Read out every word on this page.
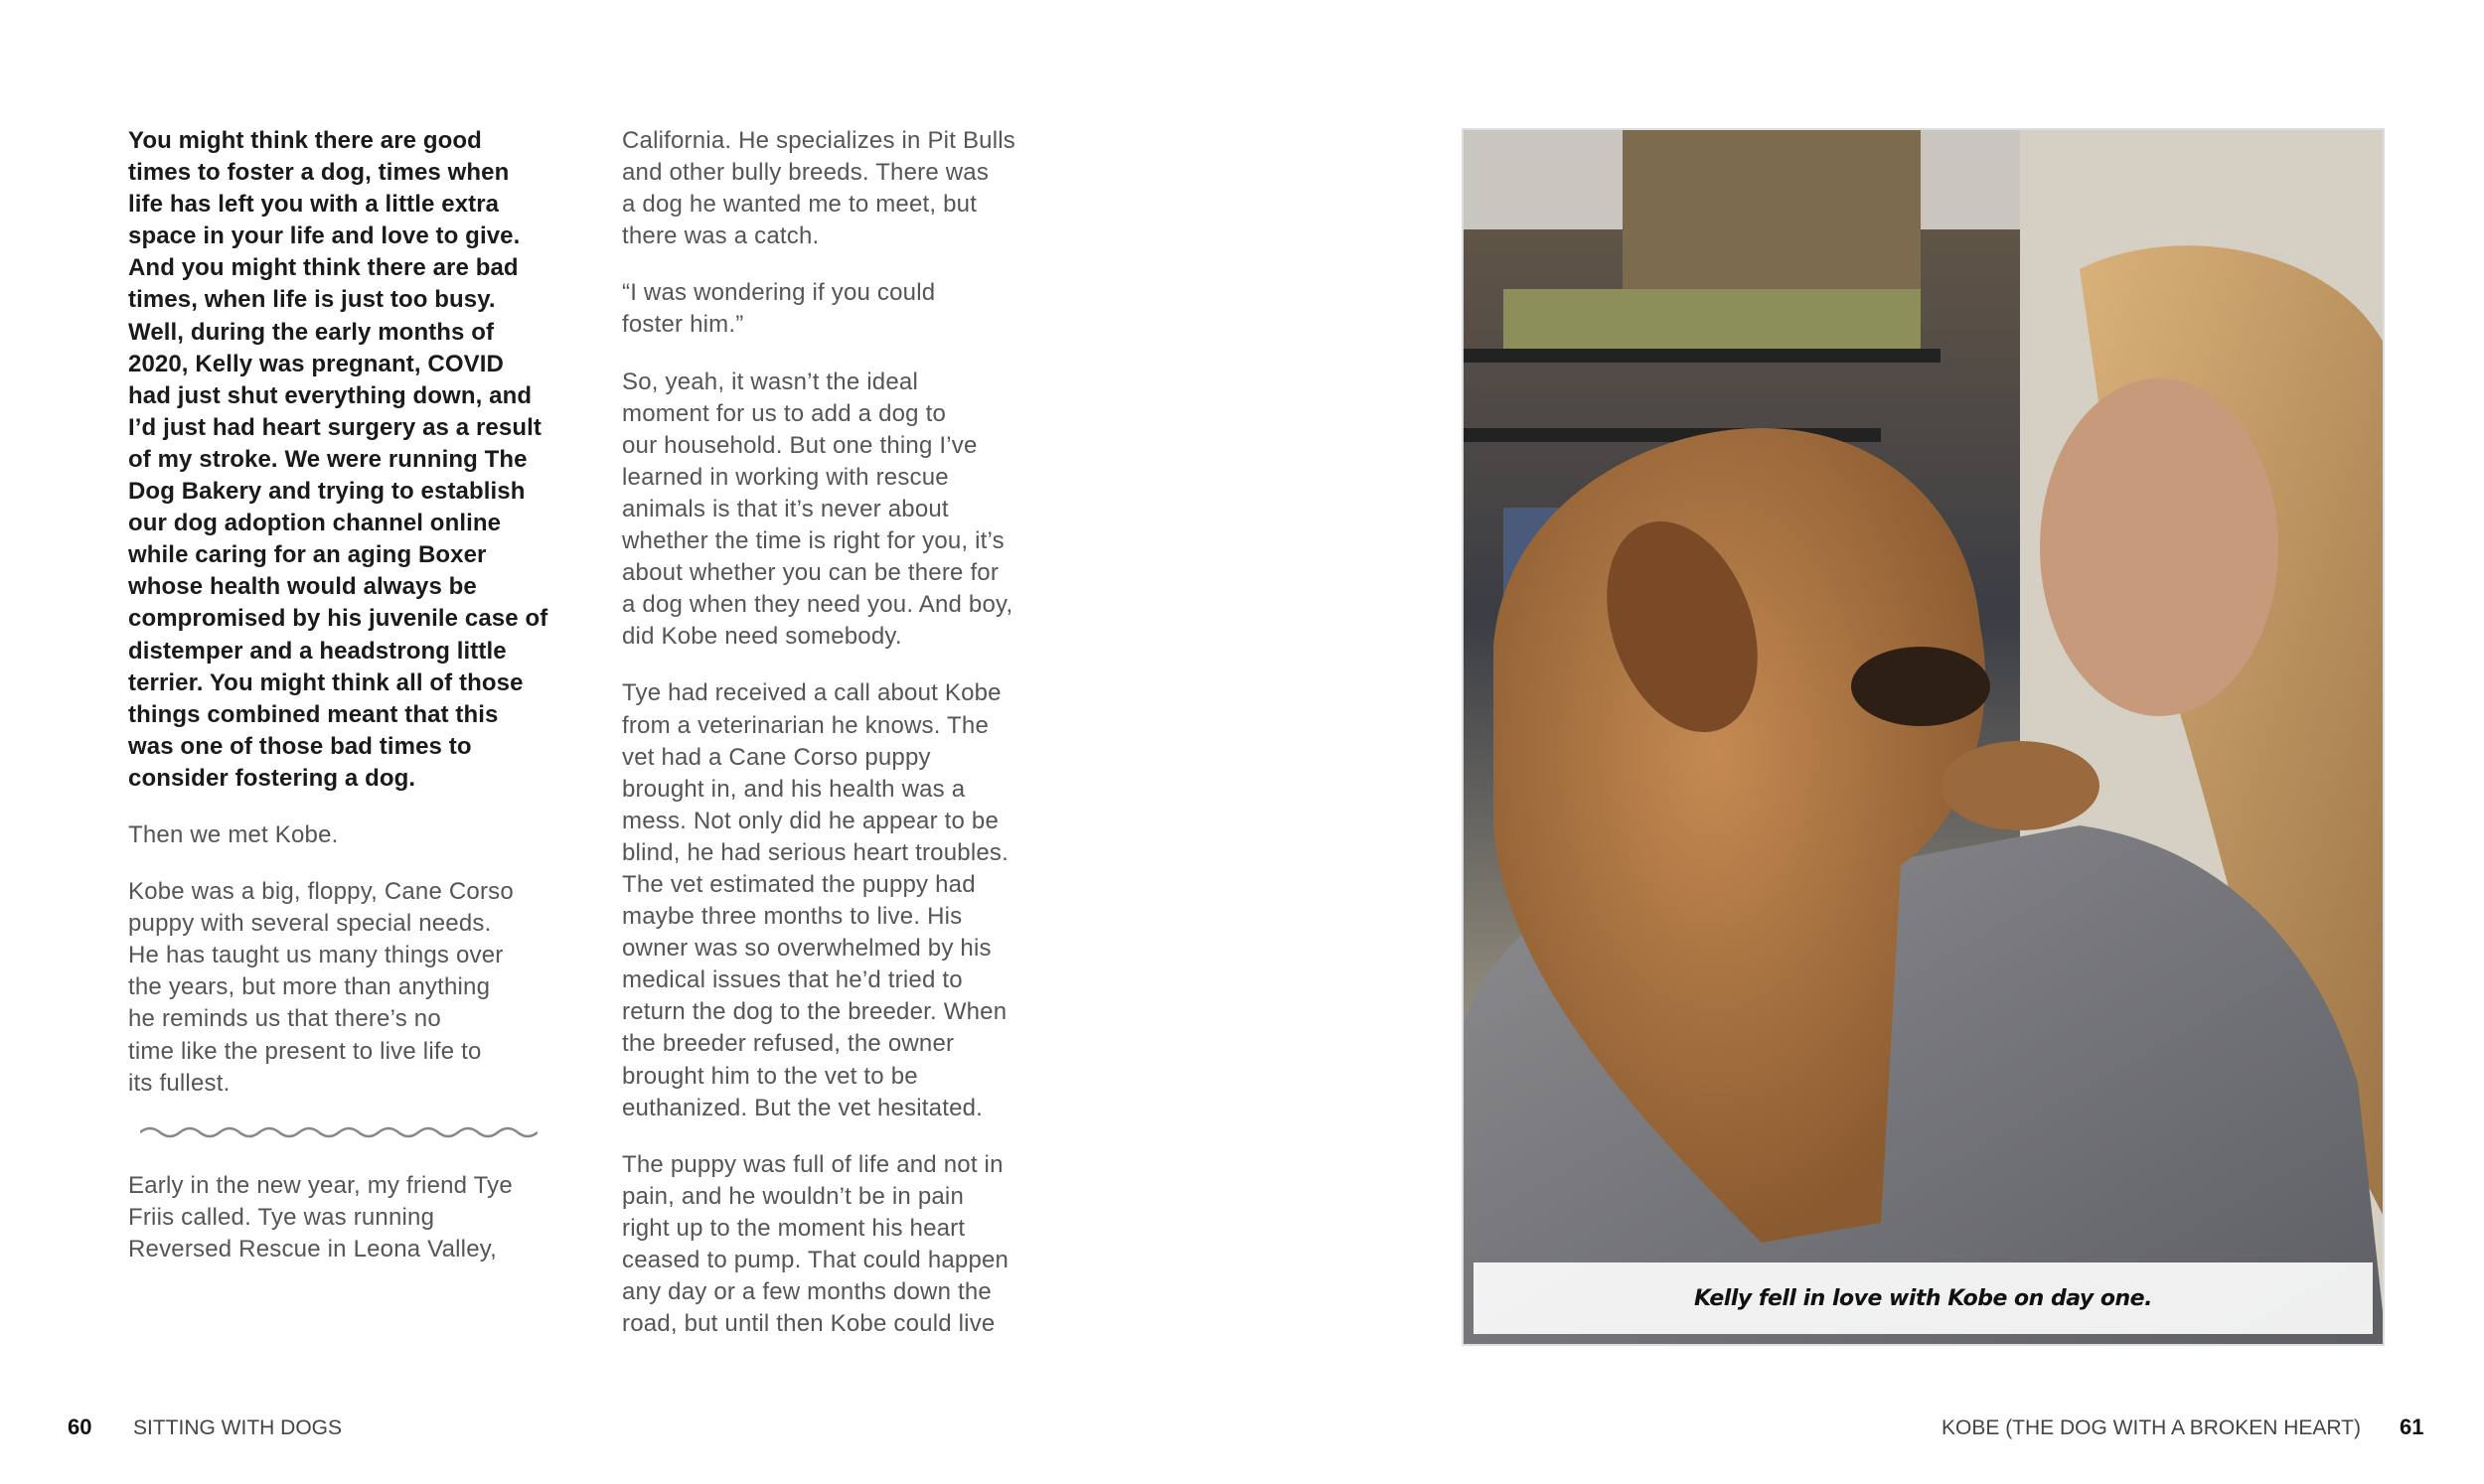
You might think there are good
times to foster a dog, times when
life has left you with a little extra
space in your life and love to give.
And you might think there are bad
times, when life is just too busy.
Well, during the early months of
2020, Kelly was pregnant, COVID
had just shut everything down, and
I’d just had heart surgery as a result
of my stroke. We were running The
Dog Bakery and trying to establish
our dog adoption channel online
while caring for an aging Boxer
whose health would always be
compromised by his juvenile case of
distemper and a headstrong little
terrier. You might think all of those
things combined meant that this
was one of those bad times to
consider fostering a dog.

Then we met Kobe.

Kobe was a big, floppy, Cane Corso
puppy with several special needs.
He has taught us many things over
the years, but more than anything
he reminds us that there’s no
time like the present to live life to
its fullest.

Early in the new year, my friend Tye
Friis called. Tye was running
Reversed Rescue in Leona Valley,

California. He specializes in Pit Bulls
and other bully breeds. There was
a dog he wanted me to meet, but
there was a catch.

“I was wondering if you could
foster him.”

So, yeah, it wasn’t the ideal
moment for us to add a dog to
our household. But one thing I’ve
learned in working with rescue
animals is that it’s never about
whether the time is right for you, it’s
about whether you can be there for
a dog when they need you. And boy,
did Kobe need somebody.

Tye had received a call about Kobe
from a veterinarian he knows. The
vet had a Cane Corso puppy
brought in, and his health was a
mess. Not only did he appear to be
blind, he had serious heart troubles.
The vet estimated the puppy had
maybe three months to live. His
owner was so overwhelmed by his
medical issues that he’d tried to
return the dog to the breeder. When
the breeder refused, the owner
brought him to the vet to be
euthanized. But the vet hesitated.

The puppy was full of life and not in
pain, and he wouldn’t be in pain
right up to the moment his heart
ceased to pump. That could happen
any day or a few months down the
road, but until then Kobe could live

Kelly fell in love with Kobe on day one.
60 SITTING WITH DOGS	KOBE (THE DOG WITH A BROKEN HEART) 61
